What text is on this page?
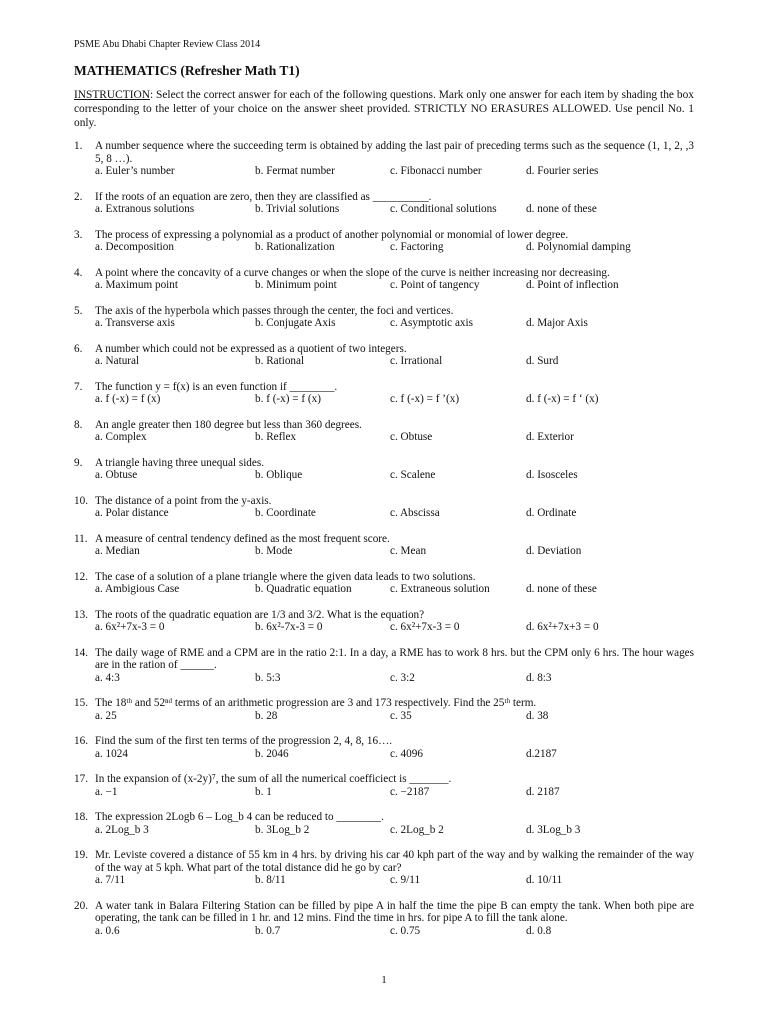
PSME Abu Dhabi Chapter Review Class 2014
MATHEMATICS (Refresher Math T1)
INSTRUCTION: Select the correct answer for each of the following questions. Mark only one answer for each item by shading the box corresponding to the letter of your choice on the answer sheet provided. STRICTLY NO ERASURES ALLOWED. Use pencil No. 1 only.
1.	A number sequence where the succeeding term is obtained by adding the last pair of preceding terms such as the sequence (1, 1, 2, ,3 5, 8 …).
a. Euler’s number	b. Fermat number	c. Fibonacci number	d. Fourier series
2.	If the roots of an equation are zero, then they are classified as __________.
a. Extranous solutions	b. Trivial solutions	c. Conditional solutions	d. none of these
3.	The process of expressing a polynomial as a product of another polynomial or monomial of lower degree.
a. Decomposition	b. Rationalization	c. Factoring	d. Polynomial damping
4.	A point where the concavity of a curve changes or when the slope of the curve is neither increasing nor decreasing.
a. Maximum point	b. Minimum point	c. Point of tangency	d. Point of inflection
5.	The axis of the hyperbola which passes through the center, the foci and vertices.
a. Transverse axis	b. Conjugate Axis	c. Asymptotic axis	d. Major Axis
6.	A number which could not be expressed as a quotient of two integers.
a. Natural	b. Rational	c. Irrational	d. Surd
7.	The function y = f(x) is an even function if ________.
a. f (-x) = f (x)	b. f (-x) = f (x)	c. f (-x) = f ’(x)	d. f (-x) = f ‘ (x)
8.	An angle greater then 180 degree but less than 360 degrees.
a. Complex	b. Reflex	c. Obtuse	d. Exterior
9.	A triangle having three unequal sides.
a. Obtuse	b. Oblique	c. Scalene	d. Isosceles
10. The distance of a point from the y-axis.
a. Polar distance	b. Coordinate	c. Abscissa	d. Ordinate
11. A measure of central tendency defined as the most frequent score.
a. Median	b. Mode	c. Mean	d. Deviation
12. The case of a solution of a plane triangle where the given data leads to two solutions.
a. Ambigious Case	b. Quadratic equation	c. Extraneous solution	d. none of these
13. The roots of the quadratic equation are 1/3 and 3/2. What is the equation?
a. 6x²+7x-3 = 0	b. 6x²-7x-3 = 0	c. 6x²+7x-3 = 0	d. 6x²+7x+3 = 0
14. The daily wage of RME and a CPM are in the ratio 2:1. In a day, a RME has to work 8 hrs. but the CPM only 6 hrs. The hour wages are in the ration of ______.
a. 4:3	b. 5:3	c. 3:2	d. 8:3
15. The 18ᵗʰ and 52ⁿᵈ terms of an arithmetic progression are 3 and 173 respectively. Find the 25ᵗʰ term.
a. 25	b. 28	c. 35	d. 38
16. Find the sum of the first ten terms of the progression 2, 4, 8, 16….
a. 1024	b. 2046	c. 4096	d.2187
17. In the expansion of (x-2y)⁷, the sum of all the numerical coefficiect is _______.
a. −1	b. 1	c. −2187	d. 2187
18. The expression 2Logb 6 – Log_b 4 can be reduced to ________.
a. 2Log_b 3	b. 3Log_b 2	c. 2Log_b 2	d. 3Log_b 3
19. Mr. Leviste covered a distance of 55 km in 4 hrs. by driving his car 40 kph part of the way and by walking the remainder of the way of the way at 5 kph. What part of the total distance did he go by car?
a. 7/11	b. 8/11	c. 9/11	d. 10/11
20. A water tank in Balara Filtering Station can be filled by pipe A in half the time the pipe B can empty the tank. When both pipe are operating, the tank can be filled in 1 hr. and 12 mins. Find the time in hrs. for pipe A to fill the tank alone.
a. 0.6	b. 0.7	c. 0.75	d. 0.8
1
